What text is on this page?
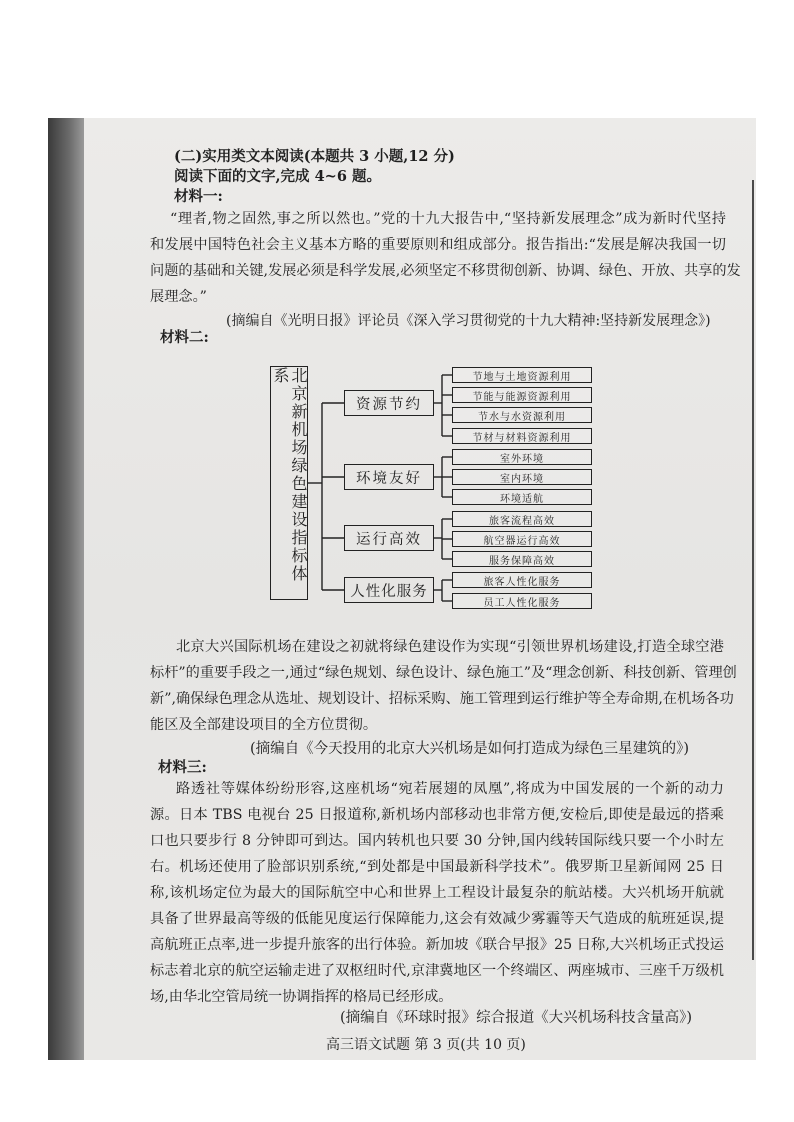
(二)实用类文本阅读(本题共 3 小题,12 分)
阅读下面的文字,完成 4~6 题。
材料一:
“理者,物之固然,事之所以然也。”党的十九大报告中,“坚持新发展理念”成为新时代坚持
和发展中国特色社会主义基本方略的重要原则和组成部分。报告指出:“发展是解决我国一切
问题的基础和关键,发展必须是科学发展,必须坚定不移贯彻创新、协调、绿色、开放、共享的发
展理念。”
(摘编自《光明日报》评论员《深入学习贯彻党的十九大精神:坚持新发展理念》)
材料二:
北京新机场绿色建设指标体系
资源节约
环境友好
运行高效
人性化服务
节地与土地资源利用
节能与能源资源利用
节水与水资源利用
节材与材料资源利用
室外环境
室内环境
环境适航
旅客流程高效
航空器运行高效
服务保障高效
旅客人性化服务
员工人性化服务
北京大兴国际机场在建设之初就将绿色建设作为实现“引领世界机场建设,打造全球空港
标杆”的重要手段之一,通过“绿色规划、绿色设计、绿色施工”及“理念创新、科技创新、管理创
新”,确保绿色理念从选址、规划设计、招标采购、施工管理到运行维护等全寿命期,在机场各功
能区及全部建设项目的全方位贯彻。
(摘编自《今天投用的北京大兴机场是如何打造成为绿色三星建筑的》)
材料三:
路透社等媒体纷纷形容,这座机场“宛若展翅的凤凰”,将成为中国发展的一个新的动力
源。日本 TBS 电视台 25 日报道称,新机场内部移动也非常方便,安检后,即使是最远的搭乘
口也只要步行 8 分钟即可到达。国内转机也只要 30 分钟,国内线转国际线只要一个小时左
右。机场还使用了脸部识别系统,“到处都是中国最新科学技术”。俄罗斯卫星新闻网 25 日
称,该机场定位为最大的国际航空中心和世界上工程设计最复杂的航站楼。大兴机场开航就
具备了世界最高等级的低能见度运行保障能力,这会有效减少雾霾等天气造成的航班延误,提
高航班正点率,进一步提升旅客的出行体验。新加坡《联合早报》25 日称,大兴机场正式投运
标志着北京的航空运输走进了双枢纽时代,京津冀地区一个终端区、两座城市、三座千万级机
场,由华北空管局统一协调指挥的格局已经形成。
(摘编自《环球时报》综合报道《大兴机场科技含量高》)
高三语文试题 第 3 页(共 10 页)
